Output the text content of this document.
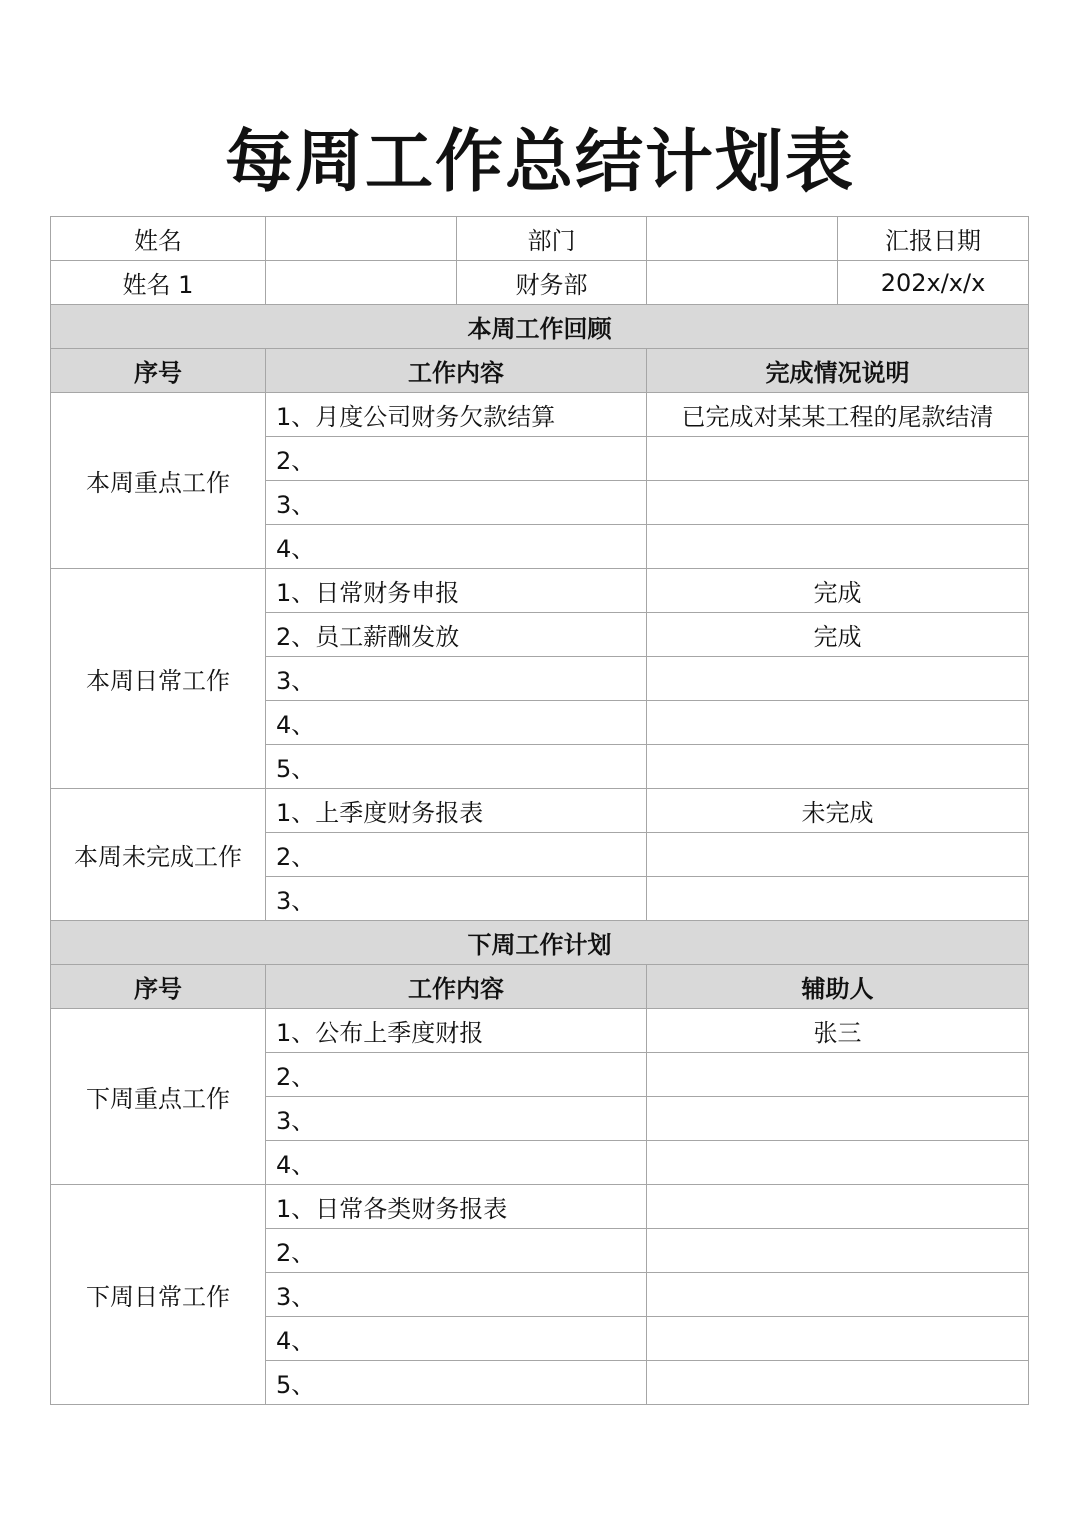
每周工作总结计划表
姓名		部门		汇报日期
姓名 1		财务部		202x/x/x
本周工作回顾				
序号	工作内容		完成情况说明	
本周重点工作	1、月度公司财务欠款结算		已完成对某某工程的尾款结清	
	2、			
	3、			
	4、			
本周日常工作	1、日常财务申报		完成	
	2、员工薪酬发放		完成	
	3、			
	4、			
	5、			
本周未完成工作	1、上季度财务报表		未完成	
	2、			
	3、			
下周工作计划				
序号	工作内容		辅助人	
下周重点工作	1、公布上季度财报		张三	
	2、			
	3、			
	4、			
下周日常工作	1、日常各类财务报表			
	2、			
	3、			
	4、			
	5、			
